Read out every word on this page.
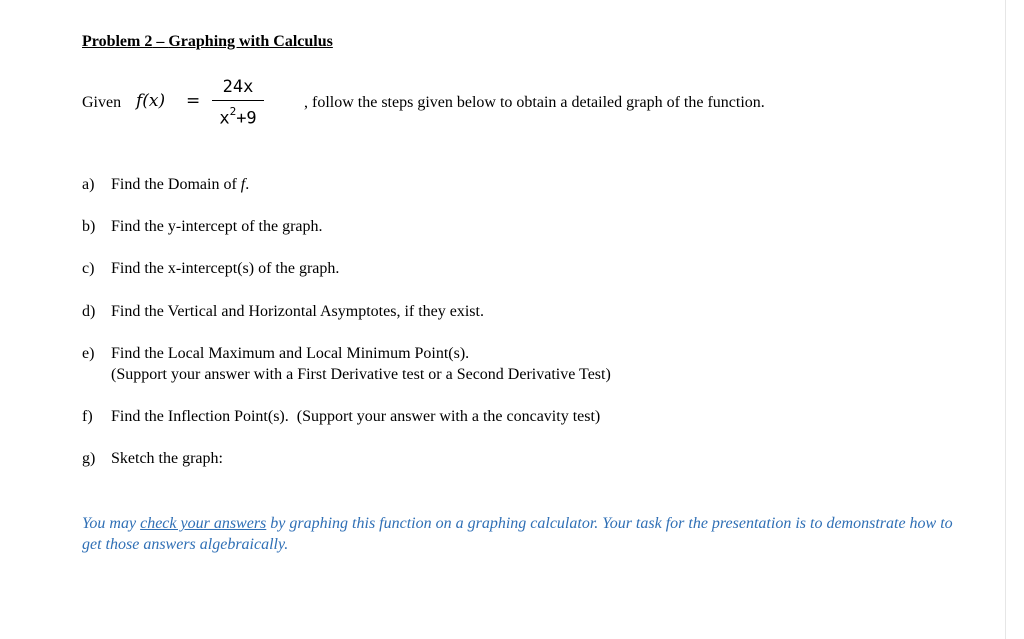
Problem 2 – Graphing with Calculus
Given f(x) =
24x
$x^2+9$
, follow the steps given below to obtain a detailed graph of the function.
a) Find the Domain of f.
b) Find the y-intercept of the graph.
c) Find the x-intercept(s) of the graph.
d) Find the Vertical and Horizontal Asymptotes, if they exist.
e) Find the Local Maximum and Local Minimum Point(s).
(Support your answer with a First Derivative test or a Second Derivative Test)
f) Find the Inflection Point(s).  (Support your answer with a the concavity test)
g) Sketch the graph:
You may check your answers by graphing this function on a graphing calculator. Your task for the presentation is to demonstrate how to get those answers algebraically.
